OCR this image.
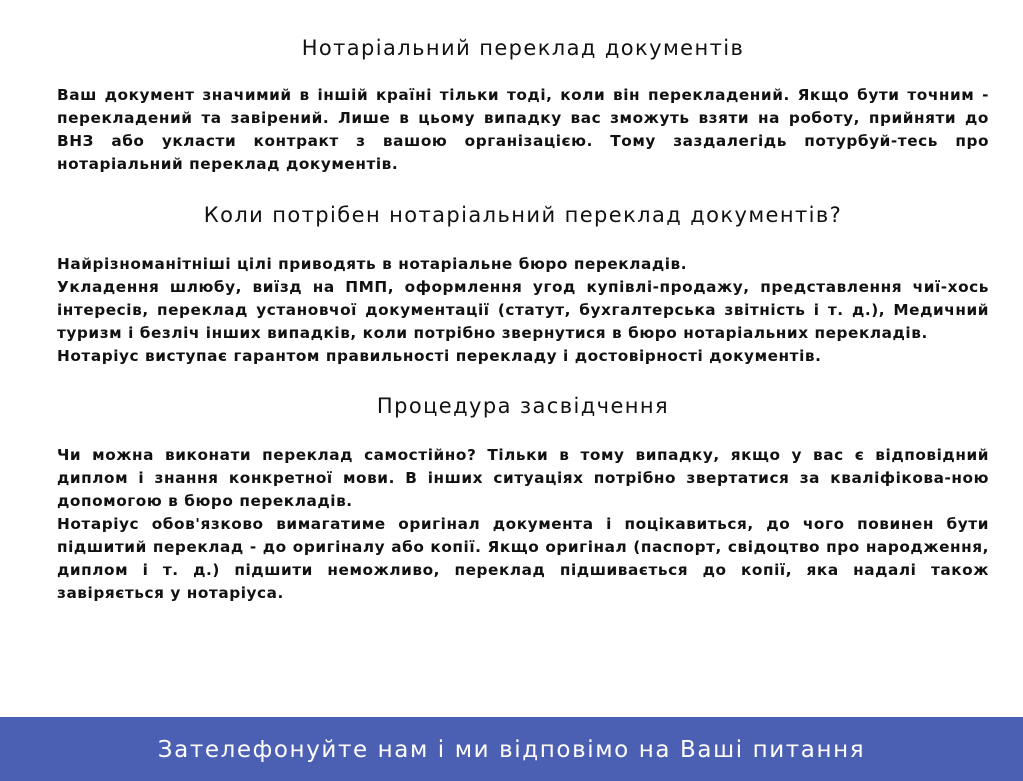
Нотаріальний переклад документів

Ваш документ значимий в іншій країні тільки тоді, коли він перекладений. Якщо бути точним - перекладений та завірений. Лише в цьому випадку вас зможуть взяти на роботу, прийняти до ВНЗ або укласти контракт з вашою організацією. Тому заздалегідь потурбуй-тесь про нотаріальний переклад документів.

Коли потрібен нотаріальний переклад документів?

Найрізноманітніші цілі приводять в нотаріальне бюро перекладів.
Укладення шлюбу, виїзд на ПМП, оформлення угод купівлі-продажу, представлення чиї-хось інтересів, переклад установчої документації (статут, бухгалтерська звітність і т. д.), Медичний туризм і безліч інших випадків, коли потрібно звернутися в бюро нотаріальних перекладів.
Нотаріус виступає гарантом правильності перекладу і достовірності документів.

Процедура засвідчення

Чи можна виконати переклад самостійно? Тільки в тому випадку, якщо у вас є відповідний диплом і знання конкретної мови. В інших ситуаціях потрібно звертатися за кваліфікова-ною допомогою в бюро перекладів.
Нотаріус обов'язково вимагатиме оригінал документа і поцікавиться, до чого повинен бути підшитий переклад - до оригіналу або копії. Якщо оригінал (паспорт, свідоцтво про народження, диплом і т. д.) підшити неможливо, переклад підшивається до копії, яка надалі також завіряється у нотаріуса.

Зателефонуйте нам і ми відповімо на Ваші питання
